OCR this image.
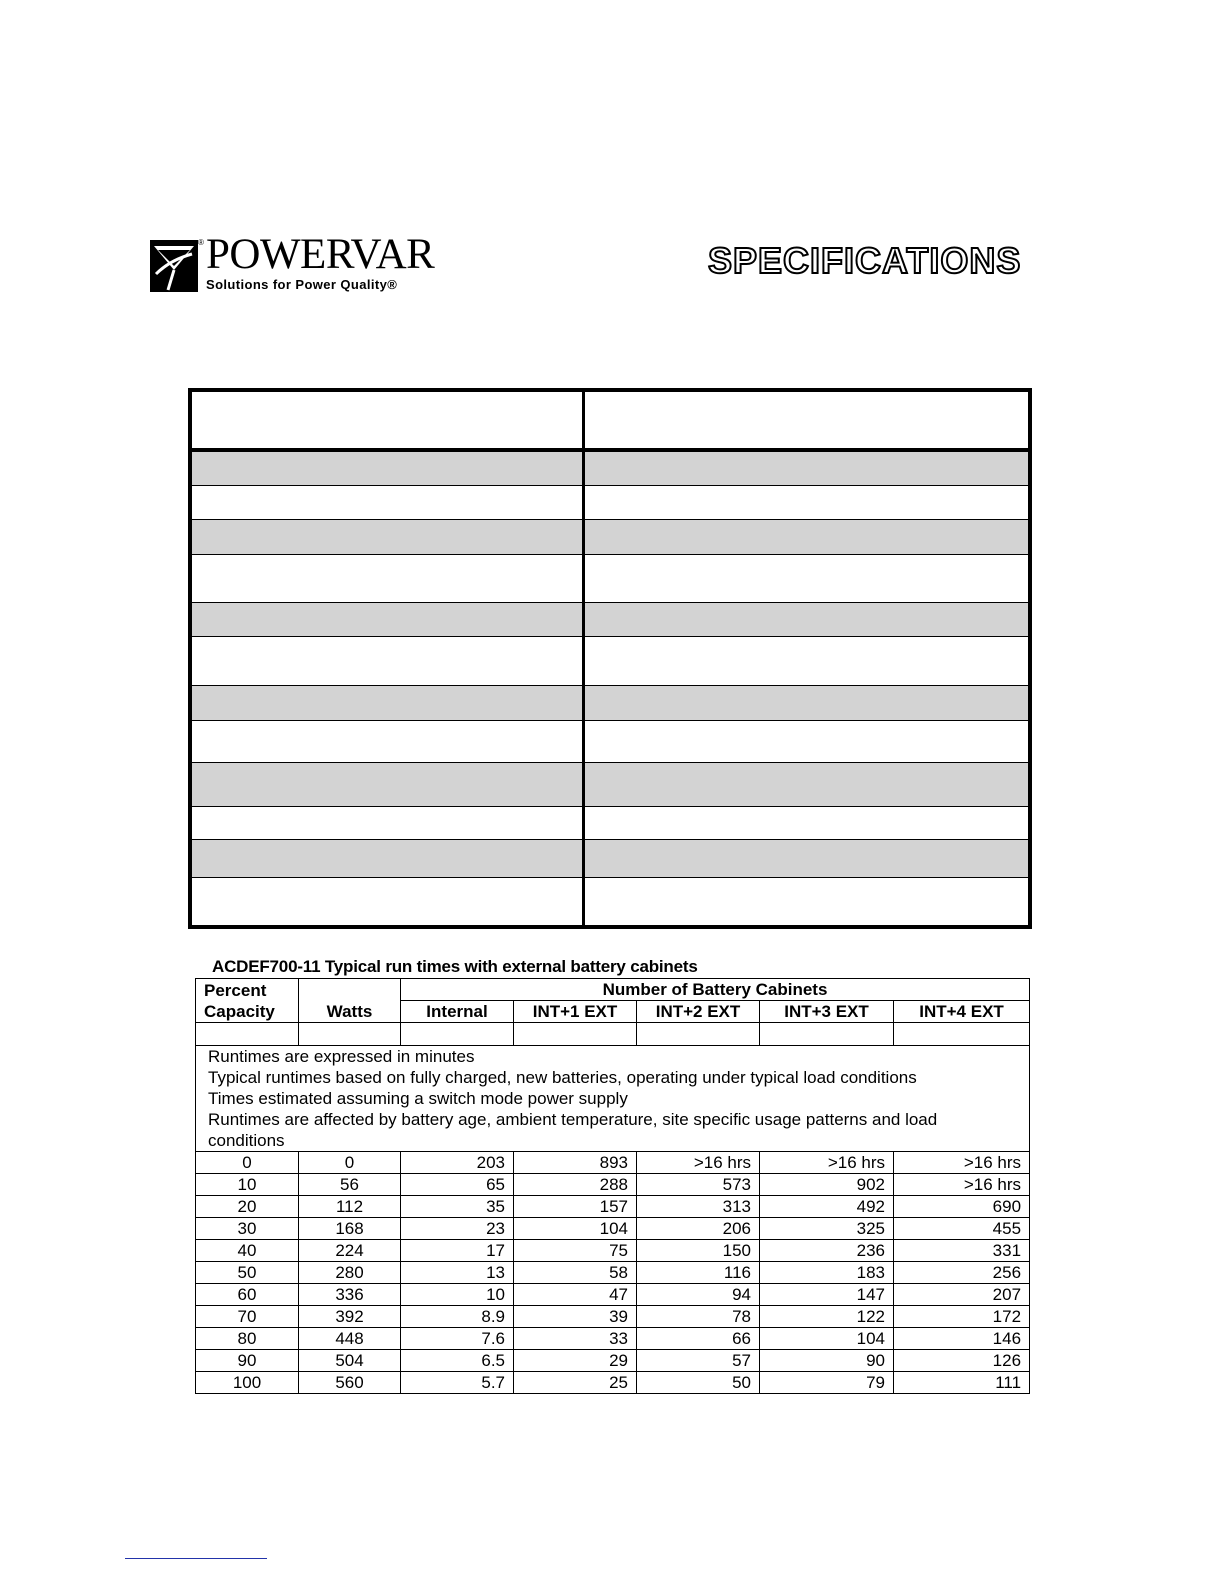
® POWERVAR
Solutions for Power Quality®
SPECIFICATIONS

ACDEF700-11 Typical run times with external battery cabinets
Percent
Capacity	Watts	Number of Battery Cabinets				
		Internal	INT+1 EXT	INT+2 EXT	INT+3 EXT	INT+4 EXT

Runtimes are expressed in minutes
Typical runtimes based on fully charged, new batteries, operating under typical load conditions
Times estimated assuming a switch mode power supply
Runtimes are affected by battery age, ambient temperature, site specific usage patterns and load conditions						

0	0	203	893	>16 hrs	>16 hrs	>16 hrs
10	56	65	288	573	902	>16 hrs
20	112	35	157	313	492	690
30	168	23	104	206	325	455
40	224	17	75	150	236	331
50	280	13	58	116	183	256
60	336	10	47	94	147	207
70	392	8.9	39	78	122	172
80	448	7.6	33	66	104	146
90	504	6.5	29	57	90	126
100	560	5.7	25	50	79	111
